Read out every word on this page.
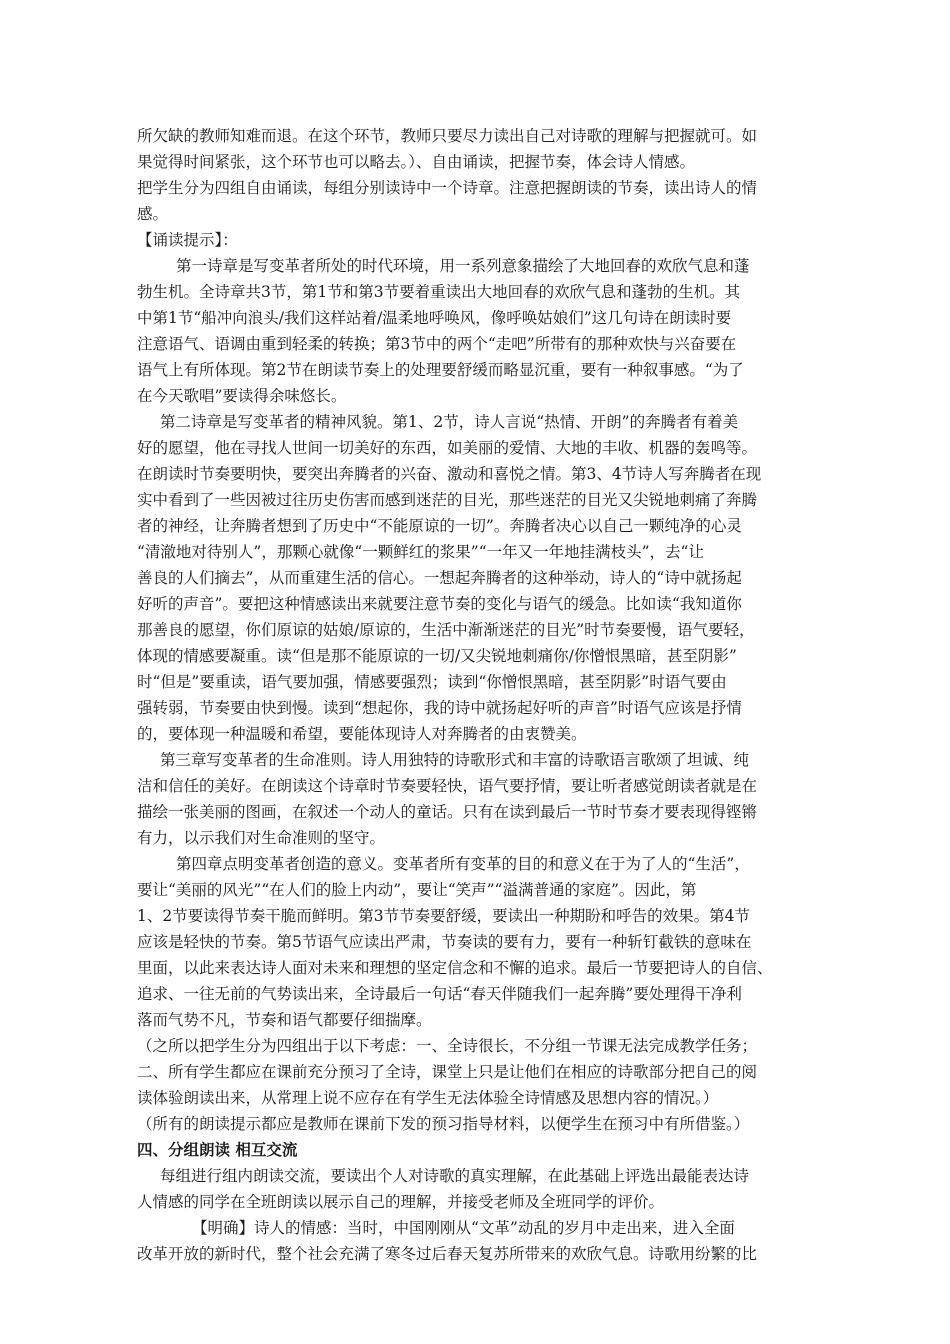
所欠缺的教师知难而退。在这个环节，教师只要尽力读出自己对诗歌的理解与把握就可。如
果觉得时间紧张，这个环节也可以略去。）、自由诵读，把握节奏，体会诗人情感。
把学生分为四组自由诵读，每组分别读诗中一个诗章。注意把握朗读的节奏，读出诗人的情
感。
【诵读提示】：
第一诗章是写变革者所处的时代环境，用一系列意象描绘了大地回春的欢欣气息和蓬
勃生机。全诗章共3节，第1节和第3节要着重读出大地回春的欢欣气息和蓬勃的生机。其
中第1节“船冲向浪头/我们这样站着/温柔地呼唤风，像呼唤姑娘们”这几句诗在朗读时要
注意语气、语调由重到轻柔的转换；第3节中的两个“走吧”所带有的那种欢快与兴奋要在
语气上有所体现。第2节在朗读节奏上的处理要舒缓而略显沉重，要有一种叙事感。“为了
在今天歌唱”要读得余味悠长。
第二诗章是写变革者的精神风貌。第1、2节，诗人言说“热情、开朗”的奔腾者有着美
好的愿望，他在寻找人世间一切美好的东西，如美丽的爱情、大地的丰收、机器的轰鸣等。
在朗读时节奏要明快，要突出奔腾者的兴奋、激动和喜悦之情。第3、4节诗人写奔腾者在现
实中看到了一些因被过往历史伤害而感到迷茫的目光，那些迷茫的目光又尖锐地刺痛了奔腾
者的神经，让奔腾者想到了历史中“不能原谅的一切”。奔腾者决心以自己一颗纯净的心灵
“清澈地对待别人”，那颗心就像“一颗鲜红的浆果”“一年又一年地挂满枝头”，去“让
善良的人们摘去”，从而重建生活的信心。一想起奔腾者的这种举动，诗人的“诗中就扬起
好听的声音”。要把这种情感读出来就要注意节奏的变化与语气的缓急。比如读“我知道你
那善良的愿望，你们原谅的姑娘/原谅的，生活中渐渐迷茫的目光”时节奏要慢，语气要轻，
体现的情感要凝重。读“但是那不能原谅的一切/又尖锐地刺痛你/你憎恨黑暗，甚至阴影”
时“但是”要重读，语气要加强，情感要强烈；读到“你憎恨黑暗，甚至阴影”时语气要由
强转弱，节奏要由快到慢。读到“想起你，我的诗中就扬起好听的声音”时语气应该是抒情
的，要体现一种温暖和希望，要能体现诗人对奔腾者的由衷赞美。
第三章写变革者的生命准则。诗人用独特的诗歌形式和丰富的诗歌语言歌颂了坦诚、纯
洁和信任的美好。在朗读这个诗章时节奏要轻快，语气要抒情，要让听者感觉朗读者就是在
描绘一张美丽的图画，在叙述一个动人的童话。只有在读到最后一节时节奏才要表现得铿锵
有力，以示我们对生命准则的坚守。
第四章点明变革者创造的意义。变革者所有变革的目的和意义在于为了人的“生活”，
要让“美丽的风光”“在人们的脸上内动”，要让“笑声”“溢满普通的家庭”。因此，第
1、2节要读得节奏干脆而鲜明。第3节节奏要舒缓，要读出一种期盼和呼告的效果。第4节
应该是轻快的节奏。第5节语气应读出严肃，节奏读的要有力，要有一种斩钉截铁的意味在
里面，以此来表达诗人面对未来和理想的坚定信念和不懈的追求。最后一节要把诗人的自信、
追求、一往无前的气势读出来，全诗最后一句话“春天伴随我们一起奔腾”要处理得干净利
落而气势不凡，节奏和语气都要仔细揣摩。
（之所以把学生分为四组出于以下考虑：一、全诗很长，不分组一节课无法完成教学任务；
二、所有学生都应在课前充分预习了全诗，课堂上只是让他们在相应的诗歌部分把自己的阅
读体验朗读出来，从常理上说不应存在有学生无法体验全诗情感及思想内容的情况。）
（所有的朗读提示都应是教师在课前下发的预习指导材料，以便学生在预习中有所借鉴。）
四、分组朗读 相互交流
每组进行组内朗读交流，要读出个人对诗歌的真实理解，在此基础上评选出最能表达诗
人情感的同学在全班朗读以展示自己的理解，并接受老师及全班同学的评价。
【明确】诗人的情感：当时，中国刚刚从“文革”动乱的岁月中走出来，进入全面
改革开放的新时代，整个社会充满了寒冬过后春天复苏所带来的欢欣气息。诗歌用纷繁的比
